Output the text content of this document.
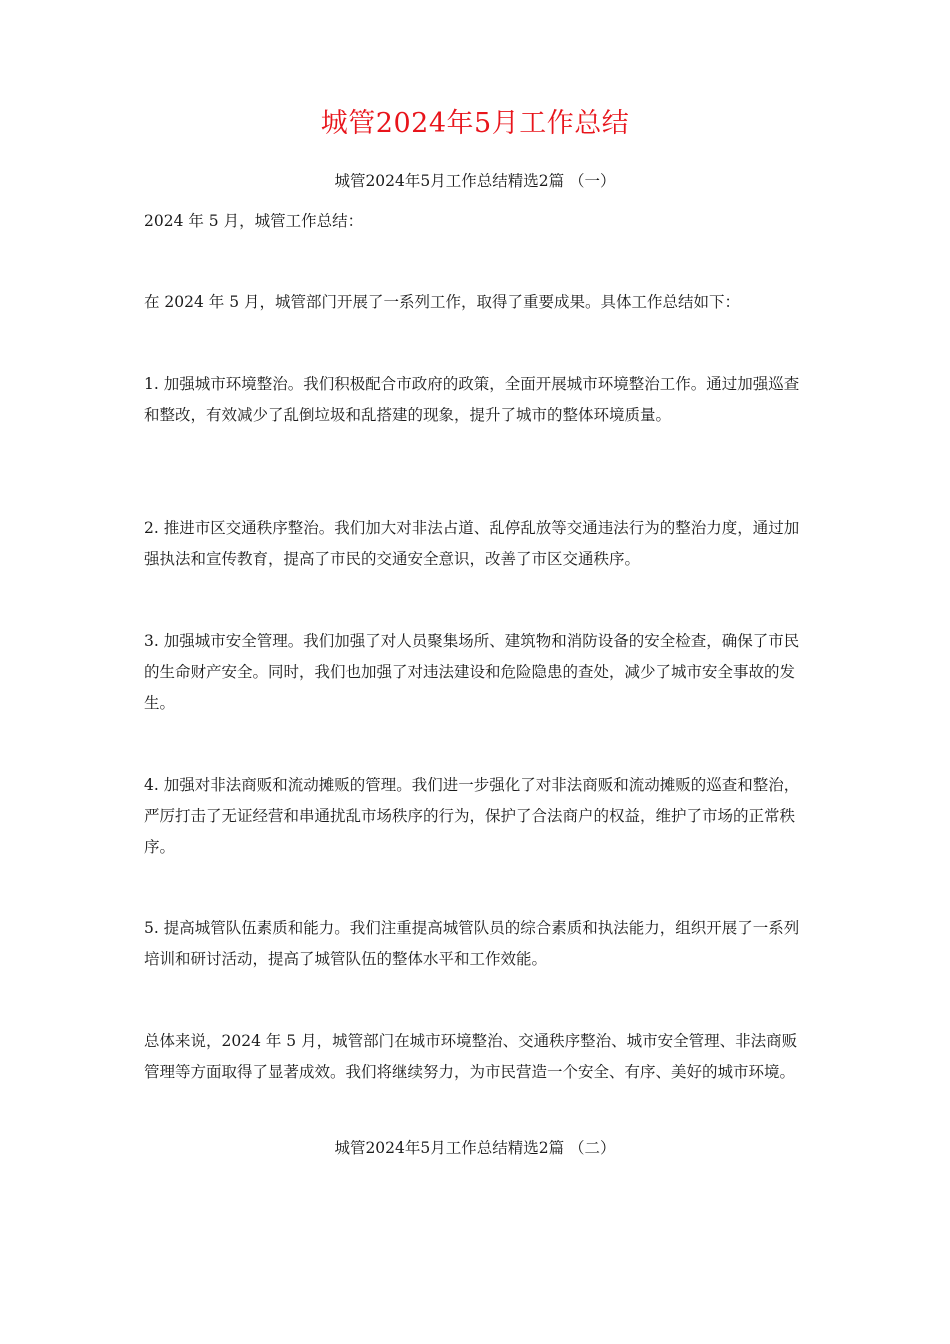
城管2024年5月工作总结
城管2024年5月工作总结精选2篇 （一）

2024 年 5 月，城管工作总结：

在 2024 年 5 月，城管部门开展了一系列工作，取得了重要成果。具体工作总结如下：

1. 加强城市环境整治。我们积极配合市政府的政策，全面开展城市环境整治工作。通过加强巡查和整改，有效减少了乱倒垃圾和乱搭建的现象，提升了城市的整体环境质量。

2. 推进市区交通秩序整治。我们加大对非法占道、乱停乱放等交通违法行为的整治力度，通过加强执法和宣传教育，提高了市民的交通安全意识，改善了市区交通秩序。

3. 加强城市安全管理。我们加强了对人员聚集场所、建筑物和消防设备的安全检查，确保了市民的生命财产安全。同时，我们也加强了对违法建设和危险隐患的查处，减少了城市安全事故的发生。

4. 加强对非法商贩和流动摊贩的管理。我们进一步强化了对非法商贩和流动摊贩的巡查和整治，严厉打击了无证经营和串通扰乱市场秩序的行为，保护了合法商户的权益，维护了市场的正常秩序。

5. 提高城管队伍素质和能力。我们注重提高城管队员的综合素质和执法能力，组织开展了一系列培训和研讨活动，提高了城管队伍的整体水平和工作效能。

总体来说，2024 年 5 月，城管部门在城市环境整治、交通秩序整治、城市安全管理、非法商贩管理等方面取得了显著成效。我们将继续努力，为市民营造一个安全、有序、美好的城市环境。

城管2024年5月工作总结精选2篇 （二）
